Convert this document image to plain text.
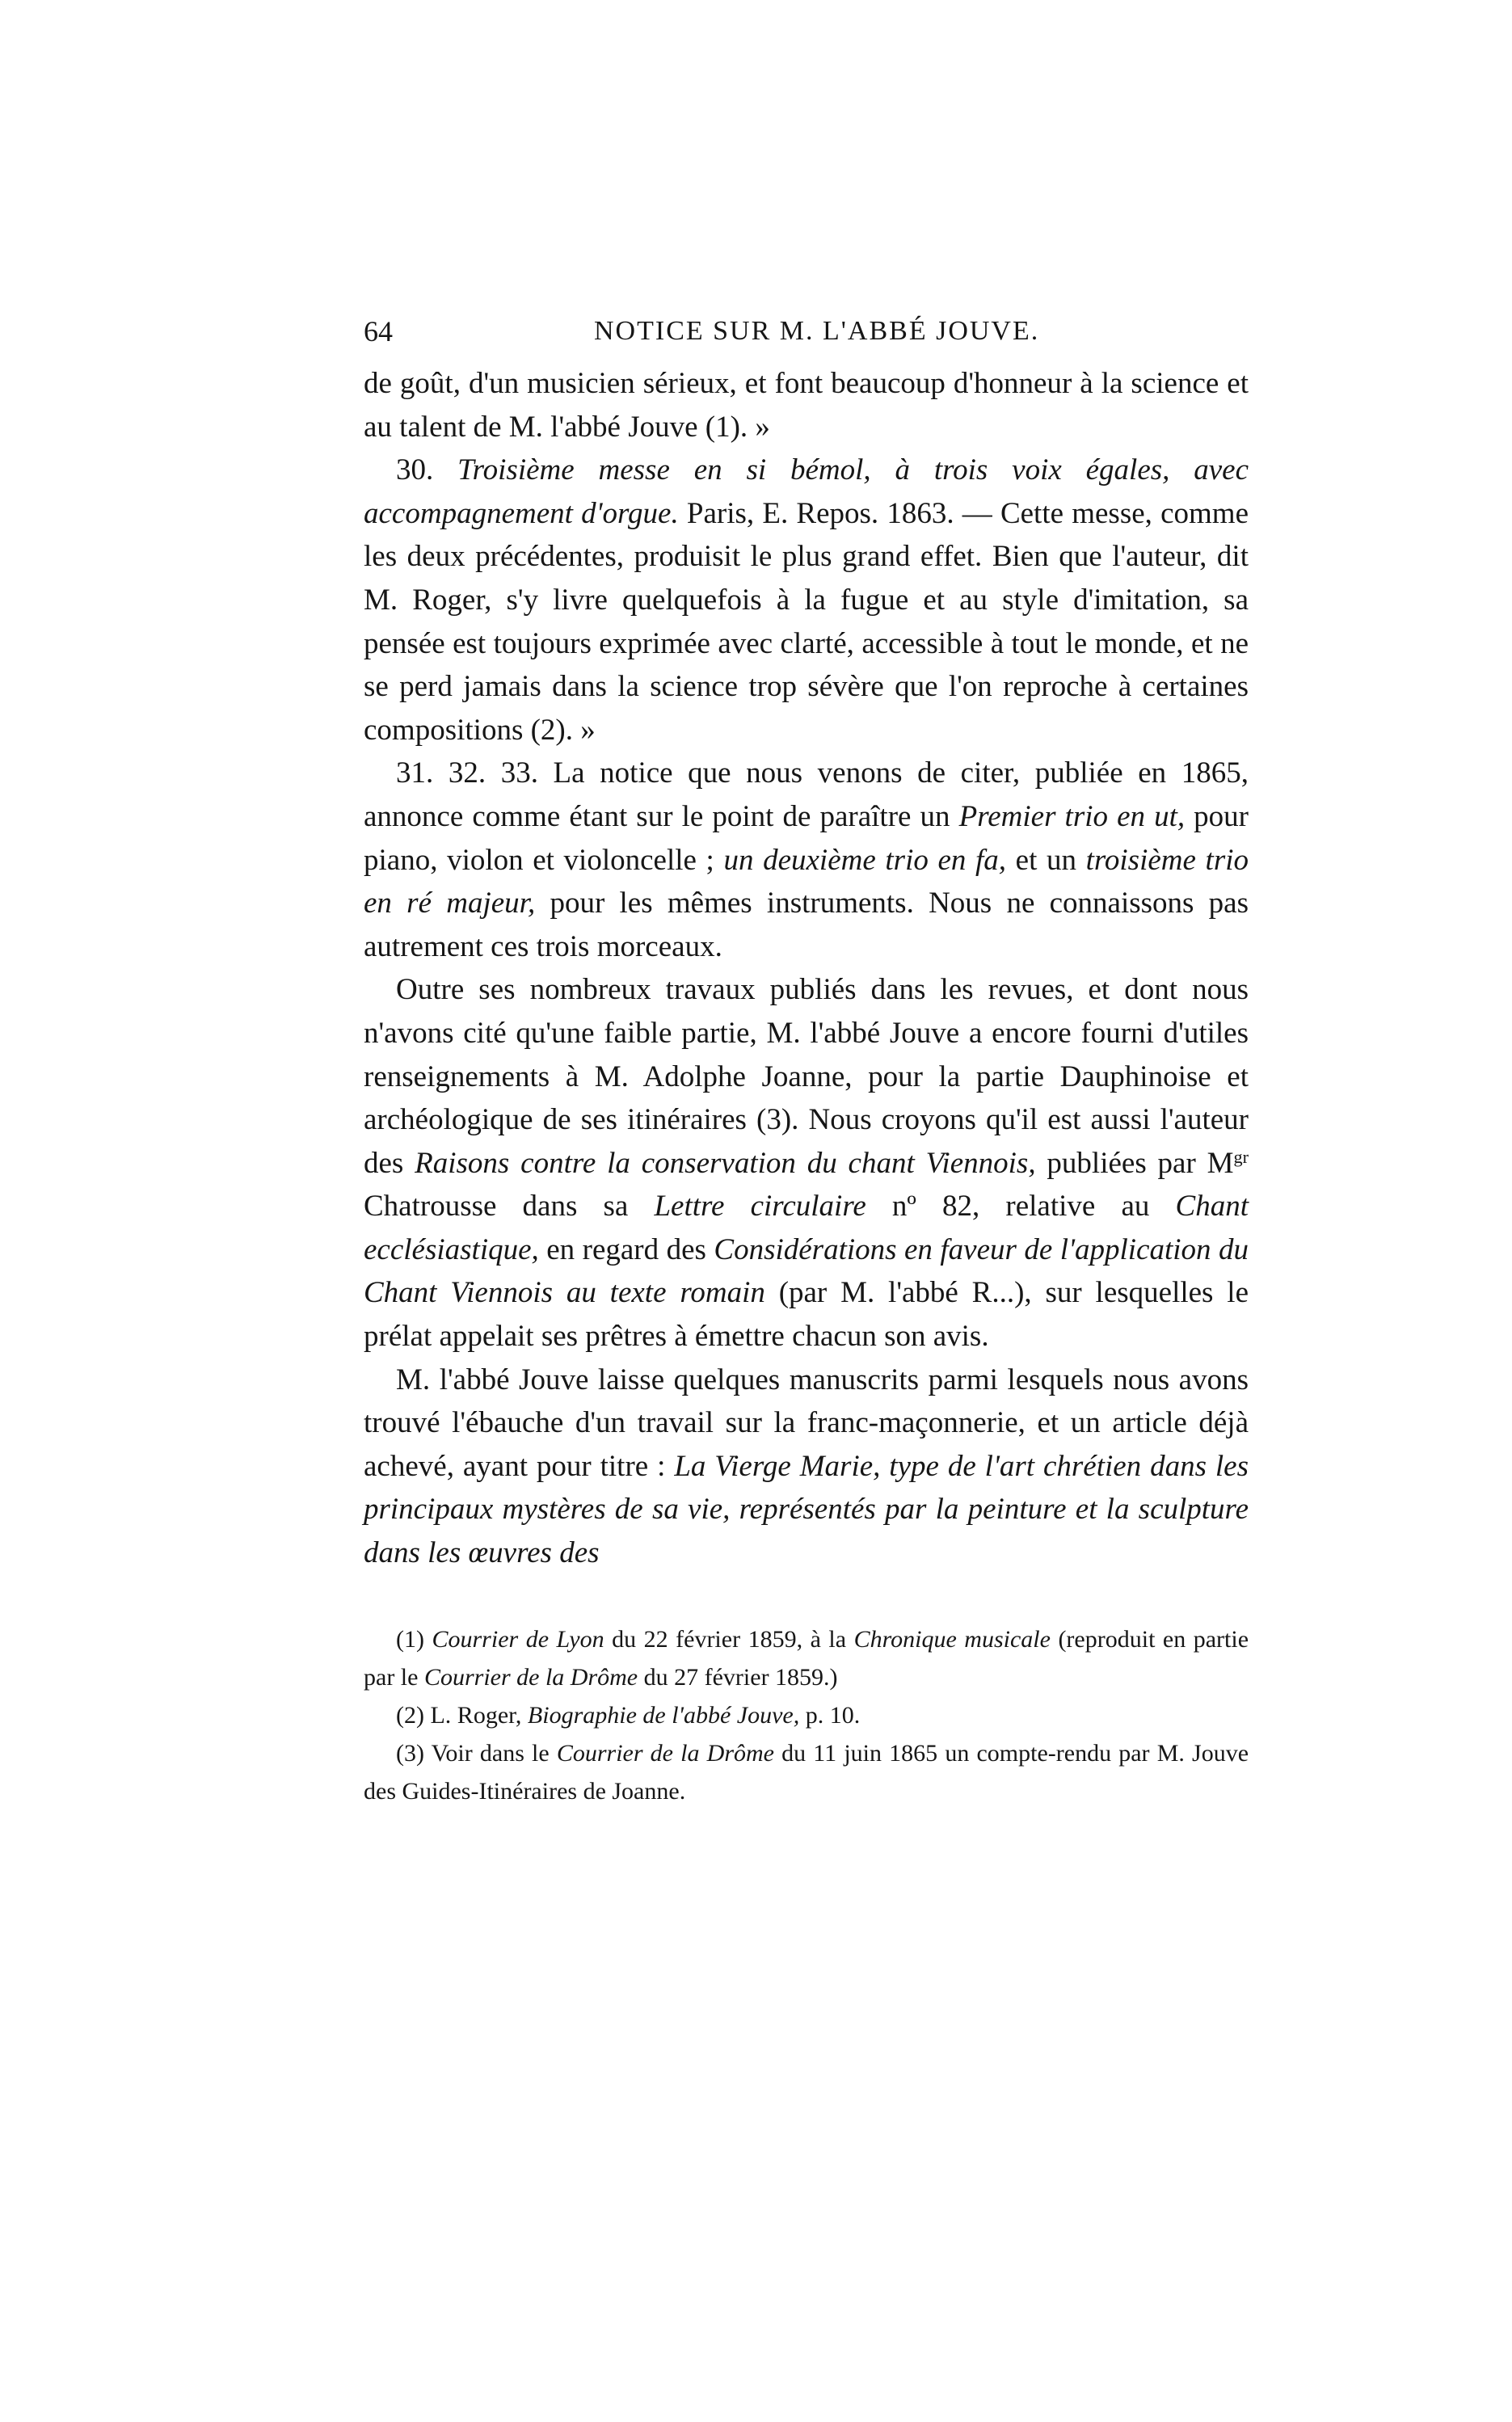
64	NOTICE SUR M. L'ABBÉ JOUVE.

de goût, d'un musicien sérieux, et font beaucoup d'honneur à la science et au talent de M. l'abbé Jouve (1). »

30. Troisième messe en si bémol, à trois voix égales, avec accompagnement d'orgue. Paris, E. Repos. 1863. — Cette messe, comme les deux précédentes, produisit le plus grand effet. Bien que l'auteur, dit M. Roger, s'y livre quelquefois à la fugue et au style d'imitation, sa pensée est toujours exprimée avec clarté, accessible à tout le monde, et ne se perd jamais dans la science trop sévère que l'on reproche à certaines compositions (2). »

31. 32. 33. La notice que nous venons de citer, publiée en 1865, annonce comme étant sur le point de paraître un Premier trio en ut, pour piano, violon et violoncelle ; un deuxième trio en fa, et un troisième trio en ré majeur, pour les mêmes instruments. Nous ne connaissons pas autrement ces trois morceaux.

Outre ses nombreux travaux publiés dans les revues, et dont nous n'avons cité qu'une faible partie, M. l'abbé Jouve a encore fourni d'utiles renseignements à M. Adolphe Joanne, pour la partie Dauphinoise et archéologique de ses itinéraires (3). Nous croyons qu'il est aussi l'auteur des Raisons contre la conservation du chant Viennois, publiées par $M^{gr}$ Chatrousse dans sa Lettre circulaire nº 82, relative au Chant ecclésiastique, en regard des Considérations en faveur de l'application du Chant Viennois au texte romain (par M. l'abbé R...), sur lesquelles le prélat appelait ses prêtres à émettre chacun son avis.

M. l'abbé Jouve laisse quelques manuscrits parmi lesquels nous avons trouvé l'ébauche d'un travail sur la franc-maçonnerie, et un article déjà achevé, ayant pour titre : La Vierge Marie, type de l'art chrétien dans les principaux mystères de sa vie, représentés par la peinture et la sculpture dans les œuvres des

(1) Courrier de Lyon du 22 février 1859, à la Chronique musicale (reproduit en partie par le Courrier de la Drôme du 27 février 1859.)

(2) L. Roger, Biographie de l'abbé Jouve, p. 10.

(3) Voir dans le Courrier de la Drôme du 11 juin 1865 un compte-rendu par M. Jouve des Guides-Itinéraires de Joanne.
